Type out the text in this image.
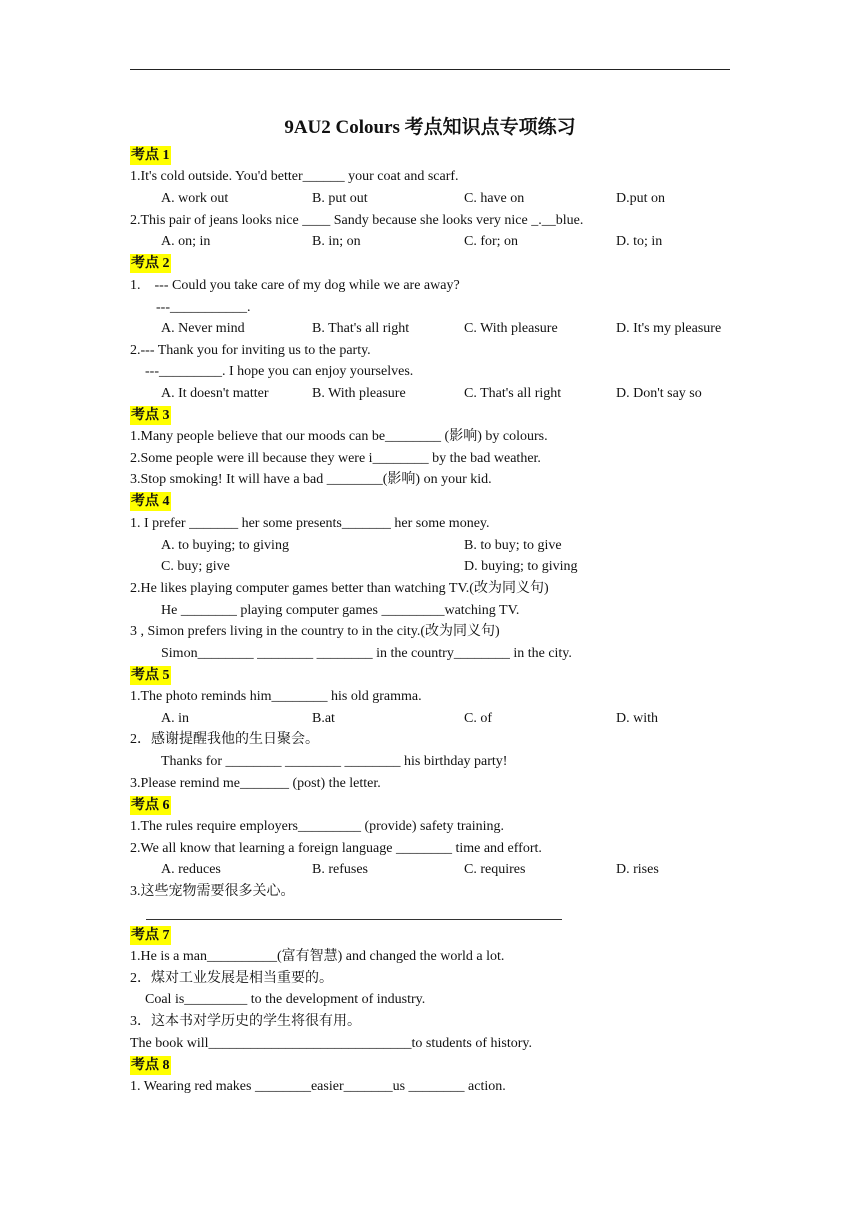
9AU2 Colours 考点知识点专项练习
考点 1
1.It's cold outside. You'd better______ your coat and scarf.
A. work out	B. put out	C. have on	D.put on
2.This pair of jeans looks nice ____ Sandy because she looks very nice _.__blue.
A. on; in	B. in; on	C. for; on	D. to; in
考点 2
1.    --- Could you take care of my dog while we are away?
---___________.
A. Never mind	B. That's all right	C. With pleasure	D. It's my pleasure
2.--- Thank you for inviting us to the party.
---_________. I hope you can enjoy yourselves.
A. It doesn't matter	B. With pleasure	C. That's all right	D. Don't say so
考点 3
1.Many people believe that our moods can be________ (影响) by colours.
2.Some people were ill because they were i________ by the bad weather.
3.Stop smoking! It will have a bad ________(影响) on your kid.
考点 4
1. I prefer _______ her some presents_______ her some money.
A. to buying; to giving	B. to buy; to give
C. buy; give	D. buying; to giving
2.He likes playing computer games better than watching TV.(改为同义句)
He ________ playing computer games _________watching TV.
3 , Simon prefers living in the country to in the city.(改为同义句)
Simon________ ________ ________ in the country________ in the city.
考点 5
1.The photo reminds him________ his old gramma.
A. in	B.at	C. of	D. with
2．感谢提醒我他的生日聚会。
Thanks for ________ ________ ________ his birthday party!
3.Please remind me_______ (post) the letter.
考点 6
1.The rules require employers_________ (provide) safety training.
2.We all know that learning a foreign language ________ time and effort.
A. reduces	B. refuses	C. requires	D. rises
3.这些宠物需要很多关心。
考点 7
1.He is a man__________(富有智慧) and changed the world a lot.
2．煤对工业发展是相当重要的。
Coal is_________ to the development of industry.
3．这本书对学历史的学生将很有用。
The book will_____________________________to students of history.
考点 8
1. Wearing red makes ________easier_______us ________ action.
